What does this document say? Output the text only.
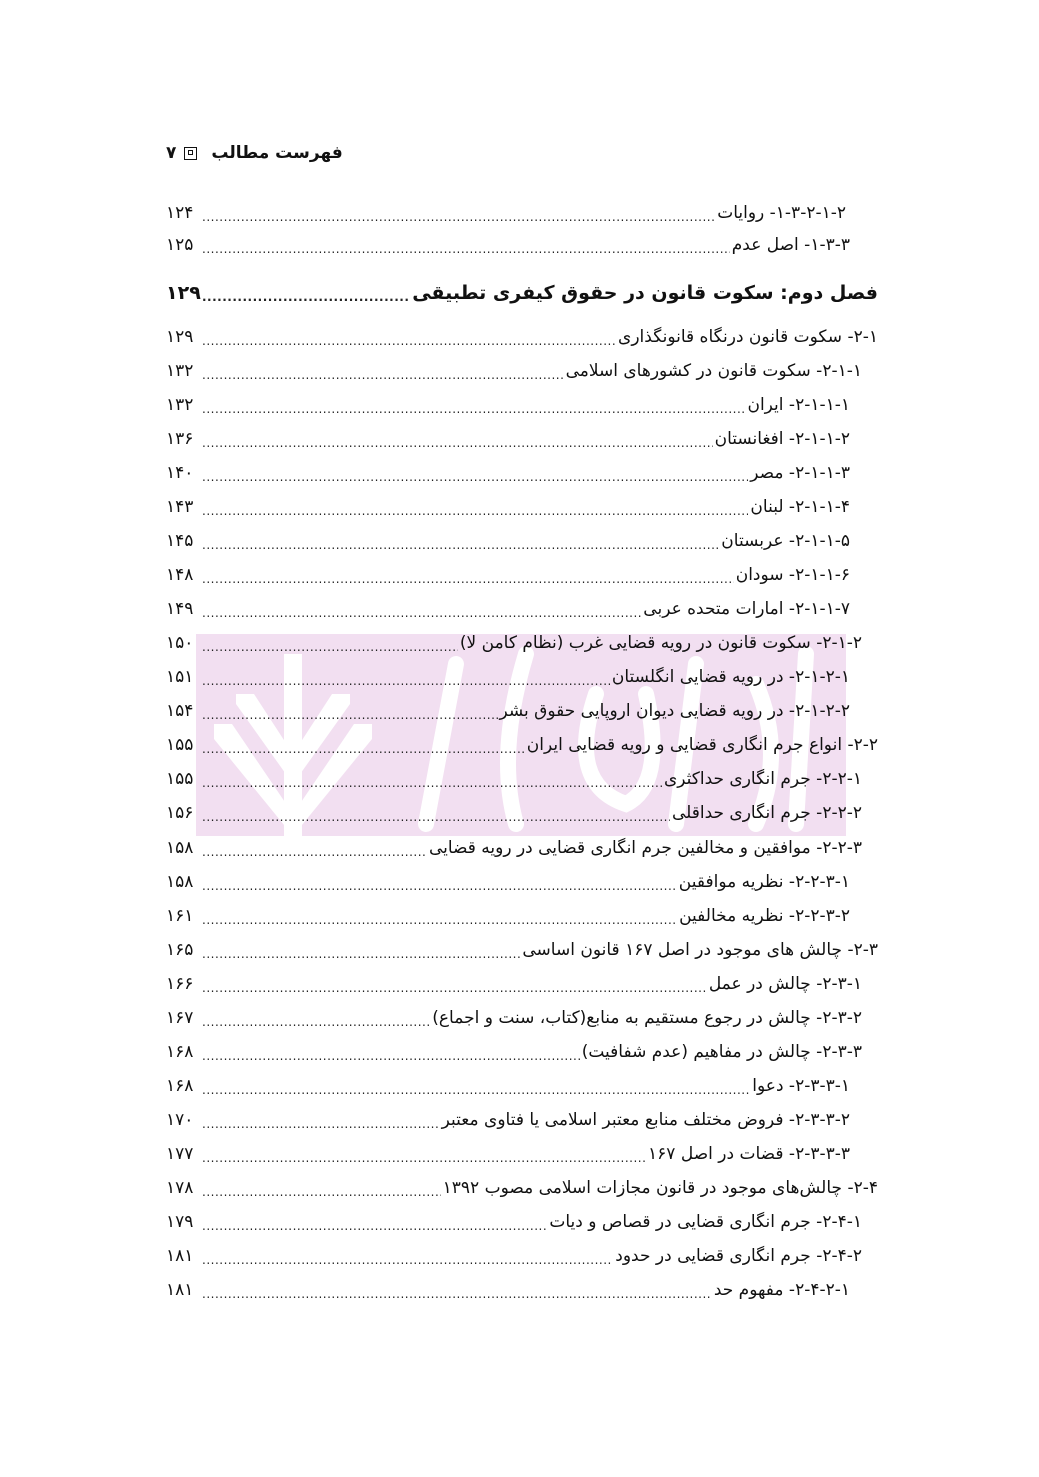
۷ فهرست مطالب
۱-۳-۲-۱-۲- روایات
.....
۱۲۴
۱-۳-۳- اصل عدم
.....
۱۲۵
فصل دوم: سکوت قانون در حقوق کیفری تطبیقی
.....
۱۲۹
۲-۱- سکوت قانون درنگاه قانونگذاری
.....
۱۲۹
۲-۱-۱- سکوت قانون در کشورهای اسلامی
.....
۱۳۲
۲-۱-۱-۱- ایران
.....
۱۳۲
۲-۱-۱-۲- افغانستان
.....
۱۳۶
۲-۱-۱-۳- مصر
.....
۱۴۰
۲-۱-۱-۴- لبنان
.....
۱۴۳
۲-۱-۱-۵- عربستان
.....
۱۴۵
۲-۱-۱-۶- سودان
.....
۱۴۸
۲-۱-۱-۷- امارات متحده عربی
.....
۱۴۹
۲-۱-۲- سکوت قانون در رویه قضایی غرب (نظام کامن لا)
.....
۱۵۰
۲-۱-۲-۱- در رویه قضایی انگلستان
.....
۱۵۱
۲-۱-۲-۲- در رویه قضایی دیوان اروپایی حقوق بشر
.....
۱۵۴
۲-۲- انواع جرم انگاری قضایی و رویه قضایی ایران
.....
۱۵۵
۲-۲-۱- جرم انگاری حداکثری
.....
۱۵۵
۲-۲-۲- جرم انگاری حداقلی
.....
۱۵۶
۲-۲-۳- موافقین و مخالفین جرم انگاری قضایی در رویه قضایی
.....
۱۵۸
۲-۲-۳-۱- نظریه موافقین
.....
۱۵۸
۲-۲-۳-۲- نظریه مخالفین
.....
۱۶۱
۲-۳- چالش های موجود در اصل ۱۶۷ قانون اساسی
.....
۱۶۵
۲-۳-۱- چالش در عمل
.....
۱۶۶
۲-۳-۲- چالش در رجوع مستقیم به منابع(کتاب، سنت و اجماع)
.....
۱۶۷
۲-۳-۳- چالش در مفاهیم (عدم شفافیت)
.....
۱۶۸
۲-۳-۳-۱- دعوا
.....
۱۶۸
۲-۳-۳-۲- فروض مختلف منابع معتبر اسلامی یا فتاوی معتبر
.....
۱۷۰
۲-۳-۳-۳- قضات در اصل ۱۶۷
.....
۱۷۷
۲-۴- چالش‌های موجود در قانون مجازات اسلامی مصوب ۱۳۹۲
.....
۱۷۸
۲-۴-۱- جرم انگاری قضایی در قصاص و دیات
.....
۱۷۹
۲-۴-۲- جرم انگاری قضایی در حدود
.....
۱۸۱
۲-۴-۲-۱- مفهوم حد
.....
۱۸۱
